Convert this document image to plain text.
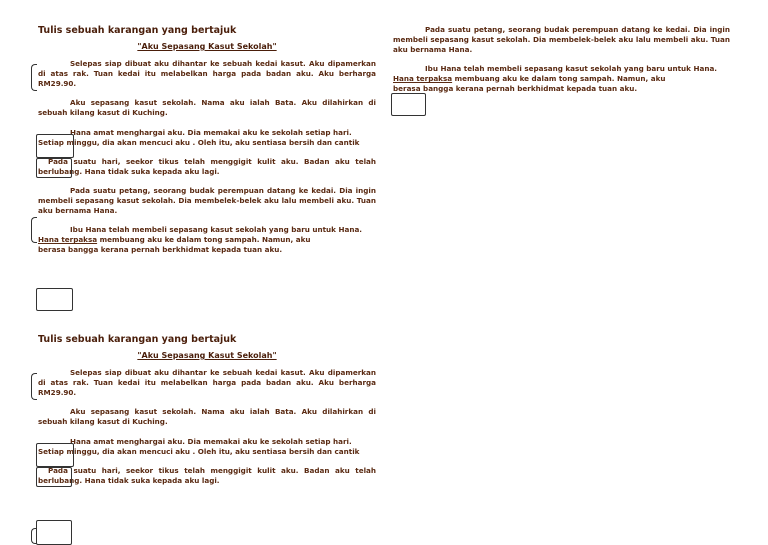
Tulis sebuah karangan yang bertajuk
"Aku Sepasang Kasut Sekolah"

Selepas siap dibuat aku dihantar ke sebuah kedai kasut. Aku dipamerkan di atas rak. Tuan kedai itu melabelkan harga pada badan aku. Aku berharga RM29.90.

Aku sepasang kasut sekolah. Nama aku ialah Bata. Aku dilahirkan di sebuah kilang kasut di Kuching.

Hana amat menghargai aku. Dia memakai aku ke sekolah setiap hari.

Setiap minggu, dia akan mencuci aku . Oleh itu, aku sentiasa bersih dan cantik

Pada suatu hari, seekor tikus telah menggigit kulit aku. Badan aku telah berlubang. Hana tidak suka kepada aku lagi.

Pada suatu petang, seorang budak perempuan datang ke kedai. Dia ingin membeli sepasang kasut sekolah. Dia membelek-belek aku lalu membeli aku. Tuan aku bernama Hana.

Ibu Hana telah membeli sepasang kasut sekolah yang baru untuk Hana.

Hana terpaksa membuang aku ke dalam tong sampah. Namun, aku

berasa bangga kerana pernah berkhidmat kepada tuan aku.

Tulis sebuah karangan yang bertajuk
"Aku Sepasang Kasut Sekolah"

Selepas siap dibuat aku dihantar ke sebuah kedai kasut. Aku dipamerkan di atas rak. Tuan kedai itu melabelkan harga pada badan aku. Aku berharga RM29.90.

Aku sepasang kasut sekolah. Nama aku ialah Bata. Aku dilahirkan di sebuah kilang kasut di Kuching.

Hana amat menghargai aku. Dia memakai aku ke sekolah setiap hari.

Setiap minggu, dia akan mencuci aku . Oleh itu, aku sentiasa bersih dan cantik

Pada suatu hari, seekor tikus telah menggigit kulit aku. Badan aku telah berlubang. Hana tidak suka kepada aku lagi.

Pada suatu petang, seorang budak perempuan datang ke kedai. Dia ingin membeli sepasang kasut sekolah. Dia membelek-belek aku lalu membeli aku. Tuan aku bernama Hana.

Ibu Hana telah membeli sepasang kasut sekolah yang baru untuk Hana.

Hana terpaksa membuang aku ke dalam tong sampah. Namun, aku

berasa bangga kerana pernah berkhidmat kepada tuan aku.
